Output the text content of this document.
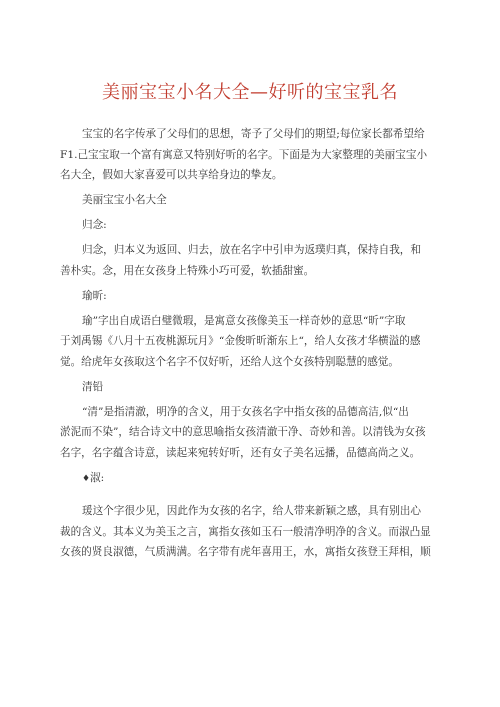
美丽宝宝小名大全—好听的宝宝乳名
宝宝的名字传承了父母们的思想，寄予了父母们的期望;每位家长都希望给
F1.己宝宝取一个富有寓意又特别好听的名字。下面是为大家整理的美丽宝宝小
名大全，假如大家喜爱可以共享给身边的挚友。
美丽宝宝小名大全
归念:
归念，归本义为返回、归去，放在名字中引申为返璞归真，保持自我，和
善朴实。念，用在女孩身上特殊小巧可爱，软插甜蜜。
瑜昕:
瑜”字出自成语白璧微瑕，是寓意女孩像美玉一样奇妙的意思“昕”字取
于刘禹锡《八月十五夜桃源玩月》“金俊昕昕渐东上“，给人女孩才华横溢的感
觉。给虎年女孩取这个名字不仅好听，还给人这个女孩特别聪慧的感觉。
清铅
“清”是指清澈，明净的含义，用于女孩名字中指女孩的品德高洁,似“出
淤泥而不染”，结合诗文中的意思喻指女孩清澈干净、奇妙和善。以清钱为女孩
名字，名字蕴含诗意，读起来宛转好听，还有女子美名远播，品德高尚之义。
♦淑:
瑗这个字很少见，因此作为女孩的名字，给人带来新颖之感，具有别出心
裁的含义。其本义为美玉之言，寓指女孩如玉石一般清净明净的含义。而淑凸显
女孩的贤良淑德，气质满满。名字带有虎年喜用王，水，寓指女孩登王拜相，顺
